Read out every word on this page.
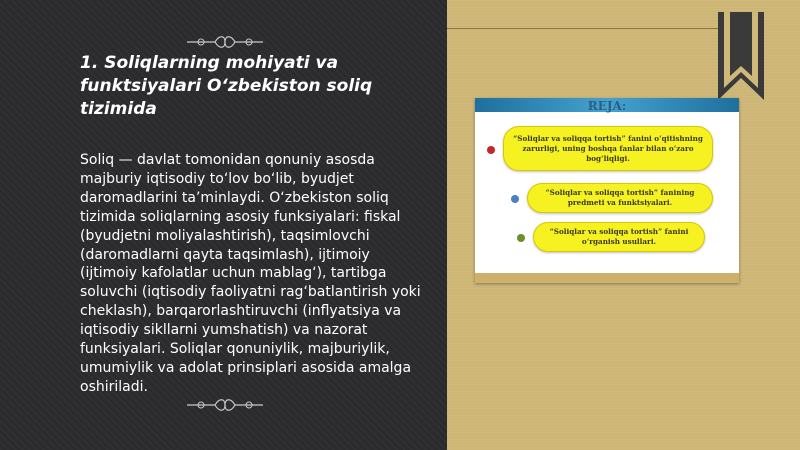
1. Soliqlarning mohiyati va funktsiyalari O‘zbekiston soliq tizimida
Soliq — davlat tomonidan qonuniy asosda majburiy iqtisodiy to‘lov bo‘lib, byudjet daromadlarini ta’minlaydi. O‘zbekiston soliq tizimida soliqlarning asosiy funksiyalari: fiskal (byudjetni moliyalashtirish), taqsimlovchi (daromadlarni qayta taqsimlash), ijtimoiy (ijtimoiy kafolatlar uchun mablag‘), tartibga soluvchi (iqtisodiy faoliyatni rag‘batlantirish yoki cheklash), barqarorlashtiruvchi (inflyatsiya va iqtisodiy sikllarni yumshatish) va nazorat funksiyalari. Soliqlar qonuniylik, majburiylik, umumiylik va adolat prinsiplari asosida amalga oshiriladi.
REJA:
“Soliqlar va soliqqa tortish” fanini o‘qitishning zarurligi, uning boshqa fanlar bilan o‘zaro bog‘liqligi.
“Soliqlar va soliqqa tortish” fanining predmeti va funktsiyalari.
“Soliqlar va soliqqa tortish” fanini o‘rganish usullari.
